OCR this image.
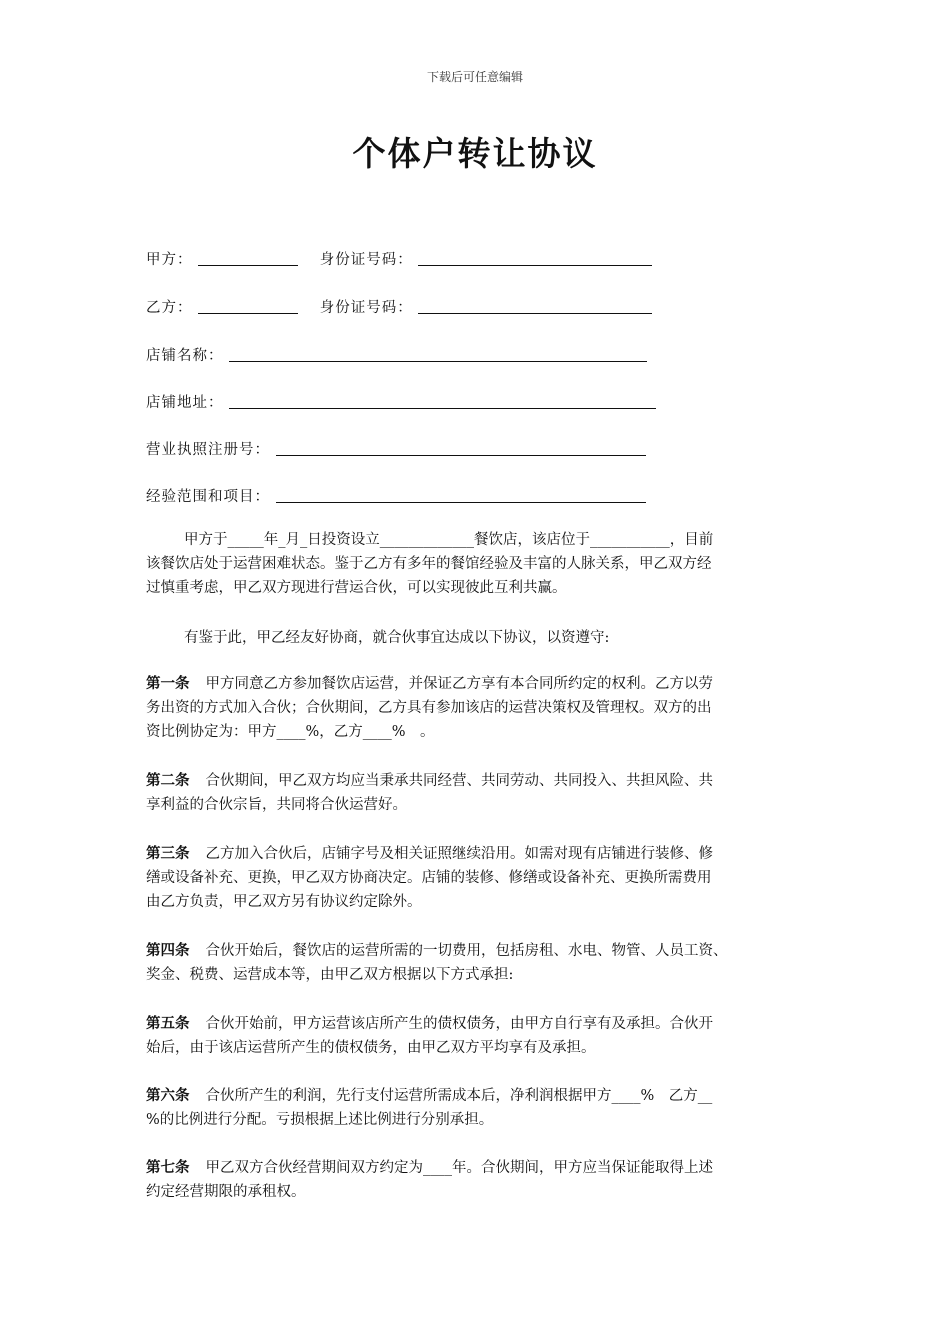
下载后可任意编辑
个体户转让协议
甲方：	身份证号码：
乙方：	身份证号码：
店铺名称：
店铺地址：
营业执照注册号：
经验范围和项目：
甲方于_____年_月_日投资设立_____________餐饮店，该店位于___________，目前
该餐饮店处于运营困难状态。鉴于乙方有多年的餐馆经验及丰富的人脉关系，甲乙双方经
过慎重考虑，甲乙双方现进行营运合伙，可以实现彼此互利共赢。
有鉴于此，甲乙经友好协商，就合伙事宜达成以下协议，以资遵守:
第一条 甲方同意乙方参加餐饮店运营，并保证乙方享有本合同所约定的权利。乙方以劳
务出资的方式加入合伙；合伙期间，乙方具有参加该店的运营决策权及管理权。双方的出
资比例协定为：甲方____%，乙方____%　。
第二条 合伙期间，甲乙双方均应当秉承共同经营、共同劳动、共同投入、共担风险、共
享利益的合伙宗旨，共同将合伙运营好。
第三条 乙方加入合伙后，店铺字号及相关证照继续沿用。如需对现有店铺进行装修、修
缮或设备补充、更换，甲乙双方协商决定。店铺的装修、修缮或设备补充、更换所需费用
由乙方负责，甲乙双方另有协议约定除外。
第四条 合伙开始后，餐饮店的运营所需的一切费用，包括房租、水电、物管、人员工资、
奖金、税费、运营成本等，由甲乙双方根据以下方式承担:
第五条 合伙开始前，甲方运营该店所产生的债权债务，由甲方自行享有及承担。合伙开
始后，由于该店运营所产生的债权债务，由甲乙双方平均享有及承担。
第六条 合伙所产生的利润，先行支付运营所需成本后，净利润根据甲方____%　乙方__
%的比例进行分配。亏损根据上述比例进行分别承担。
第七条 甲乙双方合伙经营期间双方约定为____年。合伙期间，甲方应当保证能取得上述
约定经营期限的承租权。
